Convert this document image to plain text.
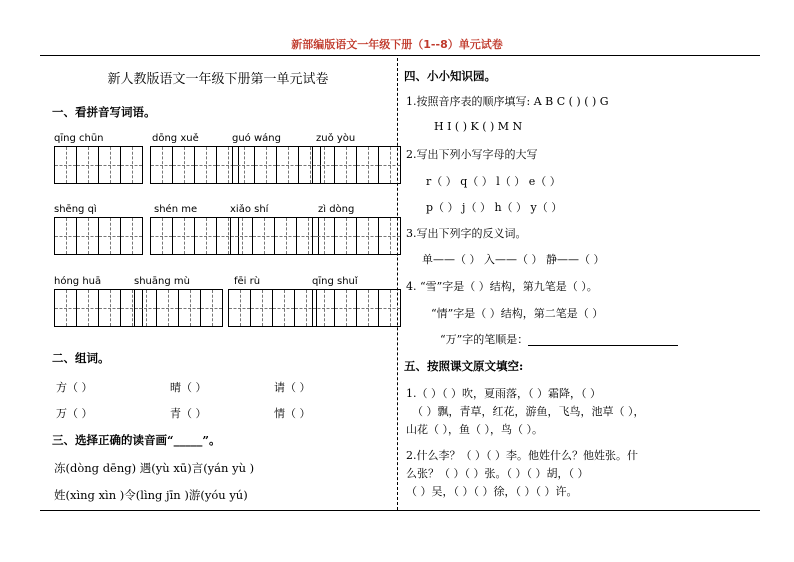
新部编版语文一年级下册（1--8）单元试卷
新人教版语文一年级下册第一单元试卷
一、看拼音写词语。
qīng chūn	dōng xuě	guó wáng	zuǒ yòu
shēng qì	shén me	xiǎo shí	zì dòng
hóng huā	shuāng mù	fēi rù	qīng shuǐ
二、组词。
方（ ）	晴（ ）	请（ ）
万（ ）	青（ ）	情（ ）
三、选择正确的读音画“_____”。
冻(dòng dēng) 遇(yù xū)言(yán yù )
姓(xìng xìn )令(lìng jīn )游(yóu yú)
四、小小知识园。
1.按照音序表的顺序填写: A B C ( ) ( ) G
H I ( ) K ( ) M N
2.写出下列小写字母的大写
r（ ） q（ ） l（ ） e（ ）
p（ ） j（ ） h（ ） y（ ）
3.写出下列字的反义词。
单——（ ） 入——（ ） 静——（ ）
4. “雪”字是（ ）结构，第九笔是（ ）。
“情”字是（ ）结构，第二笔是（ ）
“万”字的笔顺是：
五、按照课文原文填空:
1.（ ）（ ）吹，夏雨落，（ ）霜降，（ ）
（ ）飘，青草，红花，游鱼，飞鸟，池草（ ），
山花（ ），鱼（ ），鸟（ ）。
2.什么李？（ ）（ ）李。他姓什么？他姓张。什
么张？（ ）（ ）张。（ ）（ ）胡，（ ）
（ ）吴，（ ）（ ）徐，（ ）（ ）许。
